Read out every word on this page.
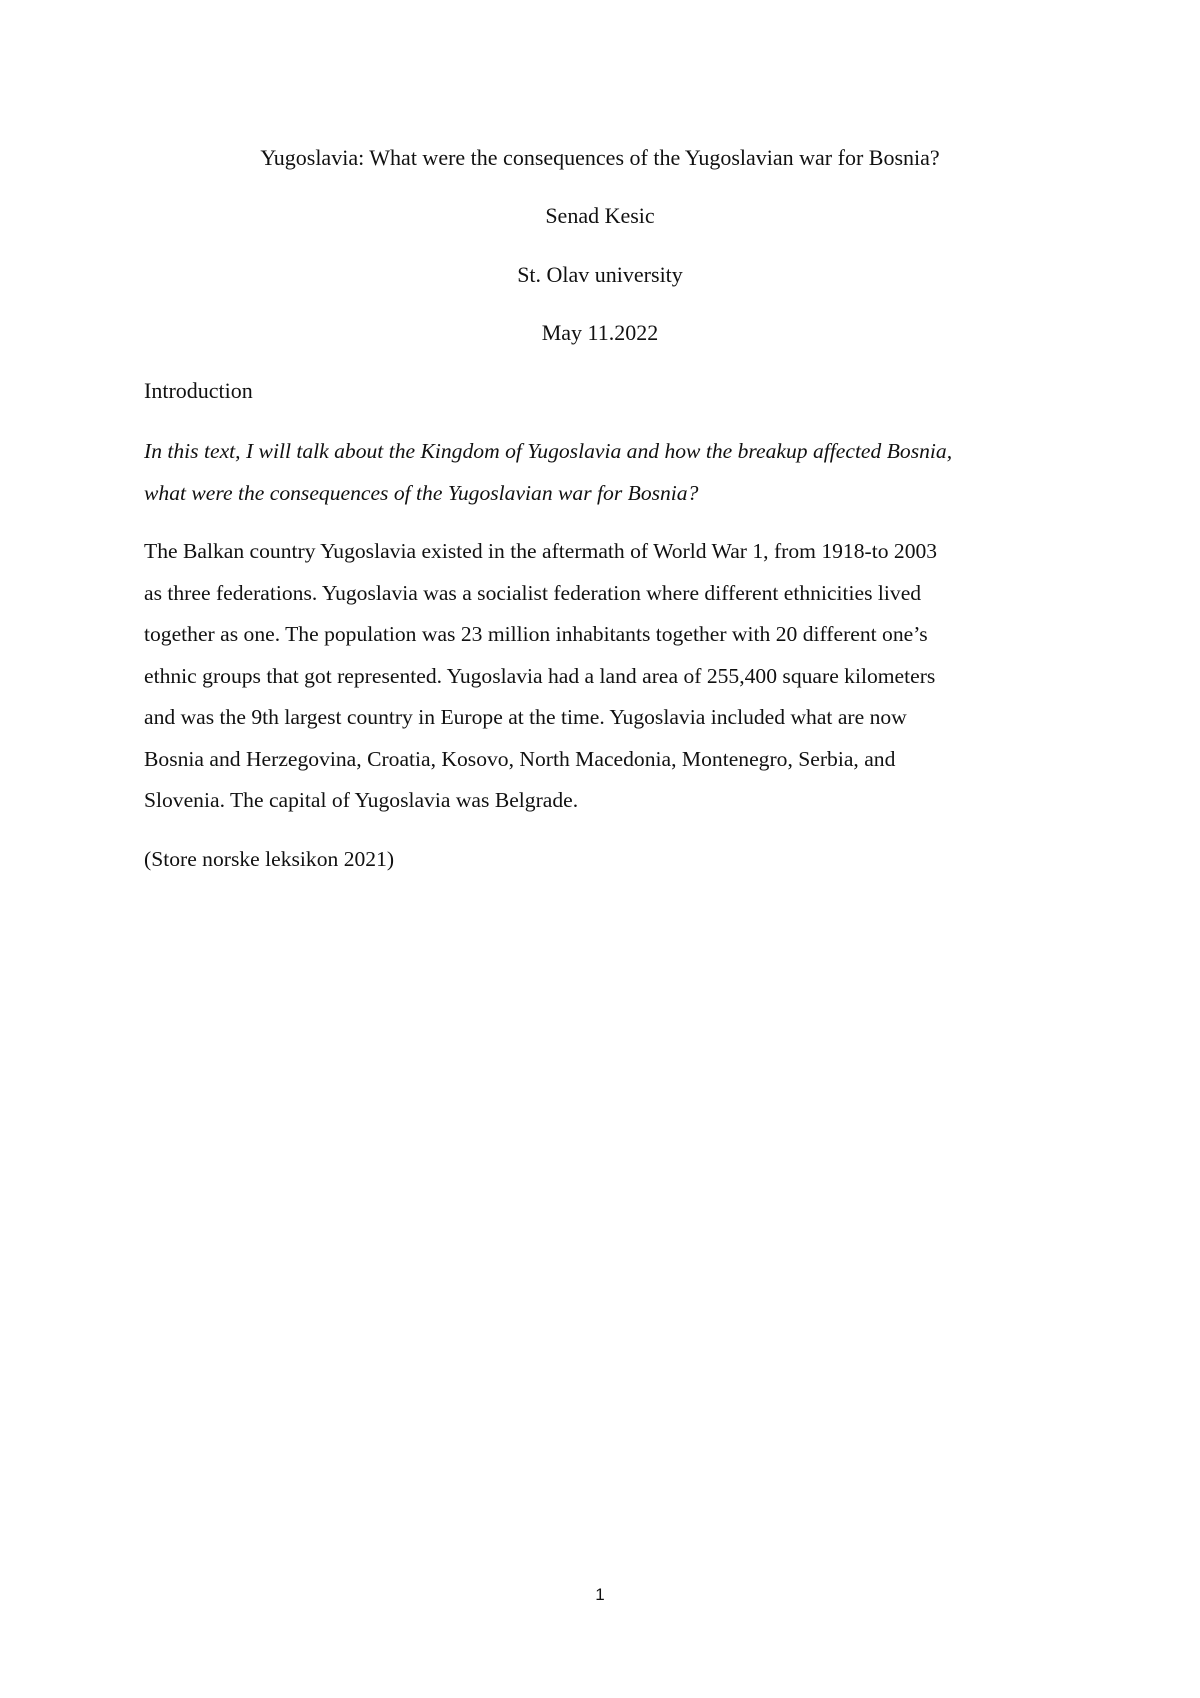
Yugoslavia: What were the consequences of the Yugoslavian war for Bosnia?
Senad Kesic
St. Olav university
May 11.2022
Introduction

In this text, I will talk about the Kingdom of Yugoslavia and how the breakup affected Bosnia,
what were the consequences of the Yugoslavian war for Bosnia?

The Balkan country Yugoslavia existed in the aftermath of World War 1, from 1918-to 2003
as three federations. Yugoslavia was a socialist federation where different ethnicities lived
together as one. The population was 23 million inhabitants together with 20 different one’s
ethnic groups that got represented. Yugoslavia had a land area of 255,400 square kilometers
and was the 9th largest country in Europe at the time. Yugoslavia included what are now
Bosnia and Herzegovina, Croatia, Kosovo, North Macedonia, Montenegro, Serbia, and
Slovenia. The capital of Yugoslavia was Belgrade.

(Store norske leksikon 2021)

1
